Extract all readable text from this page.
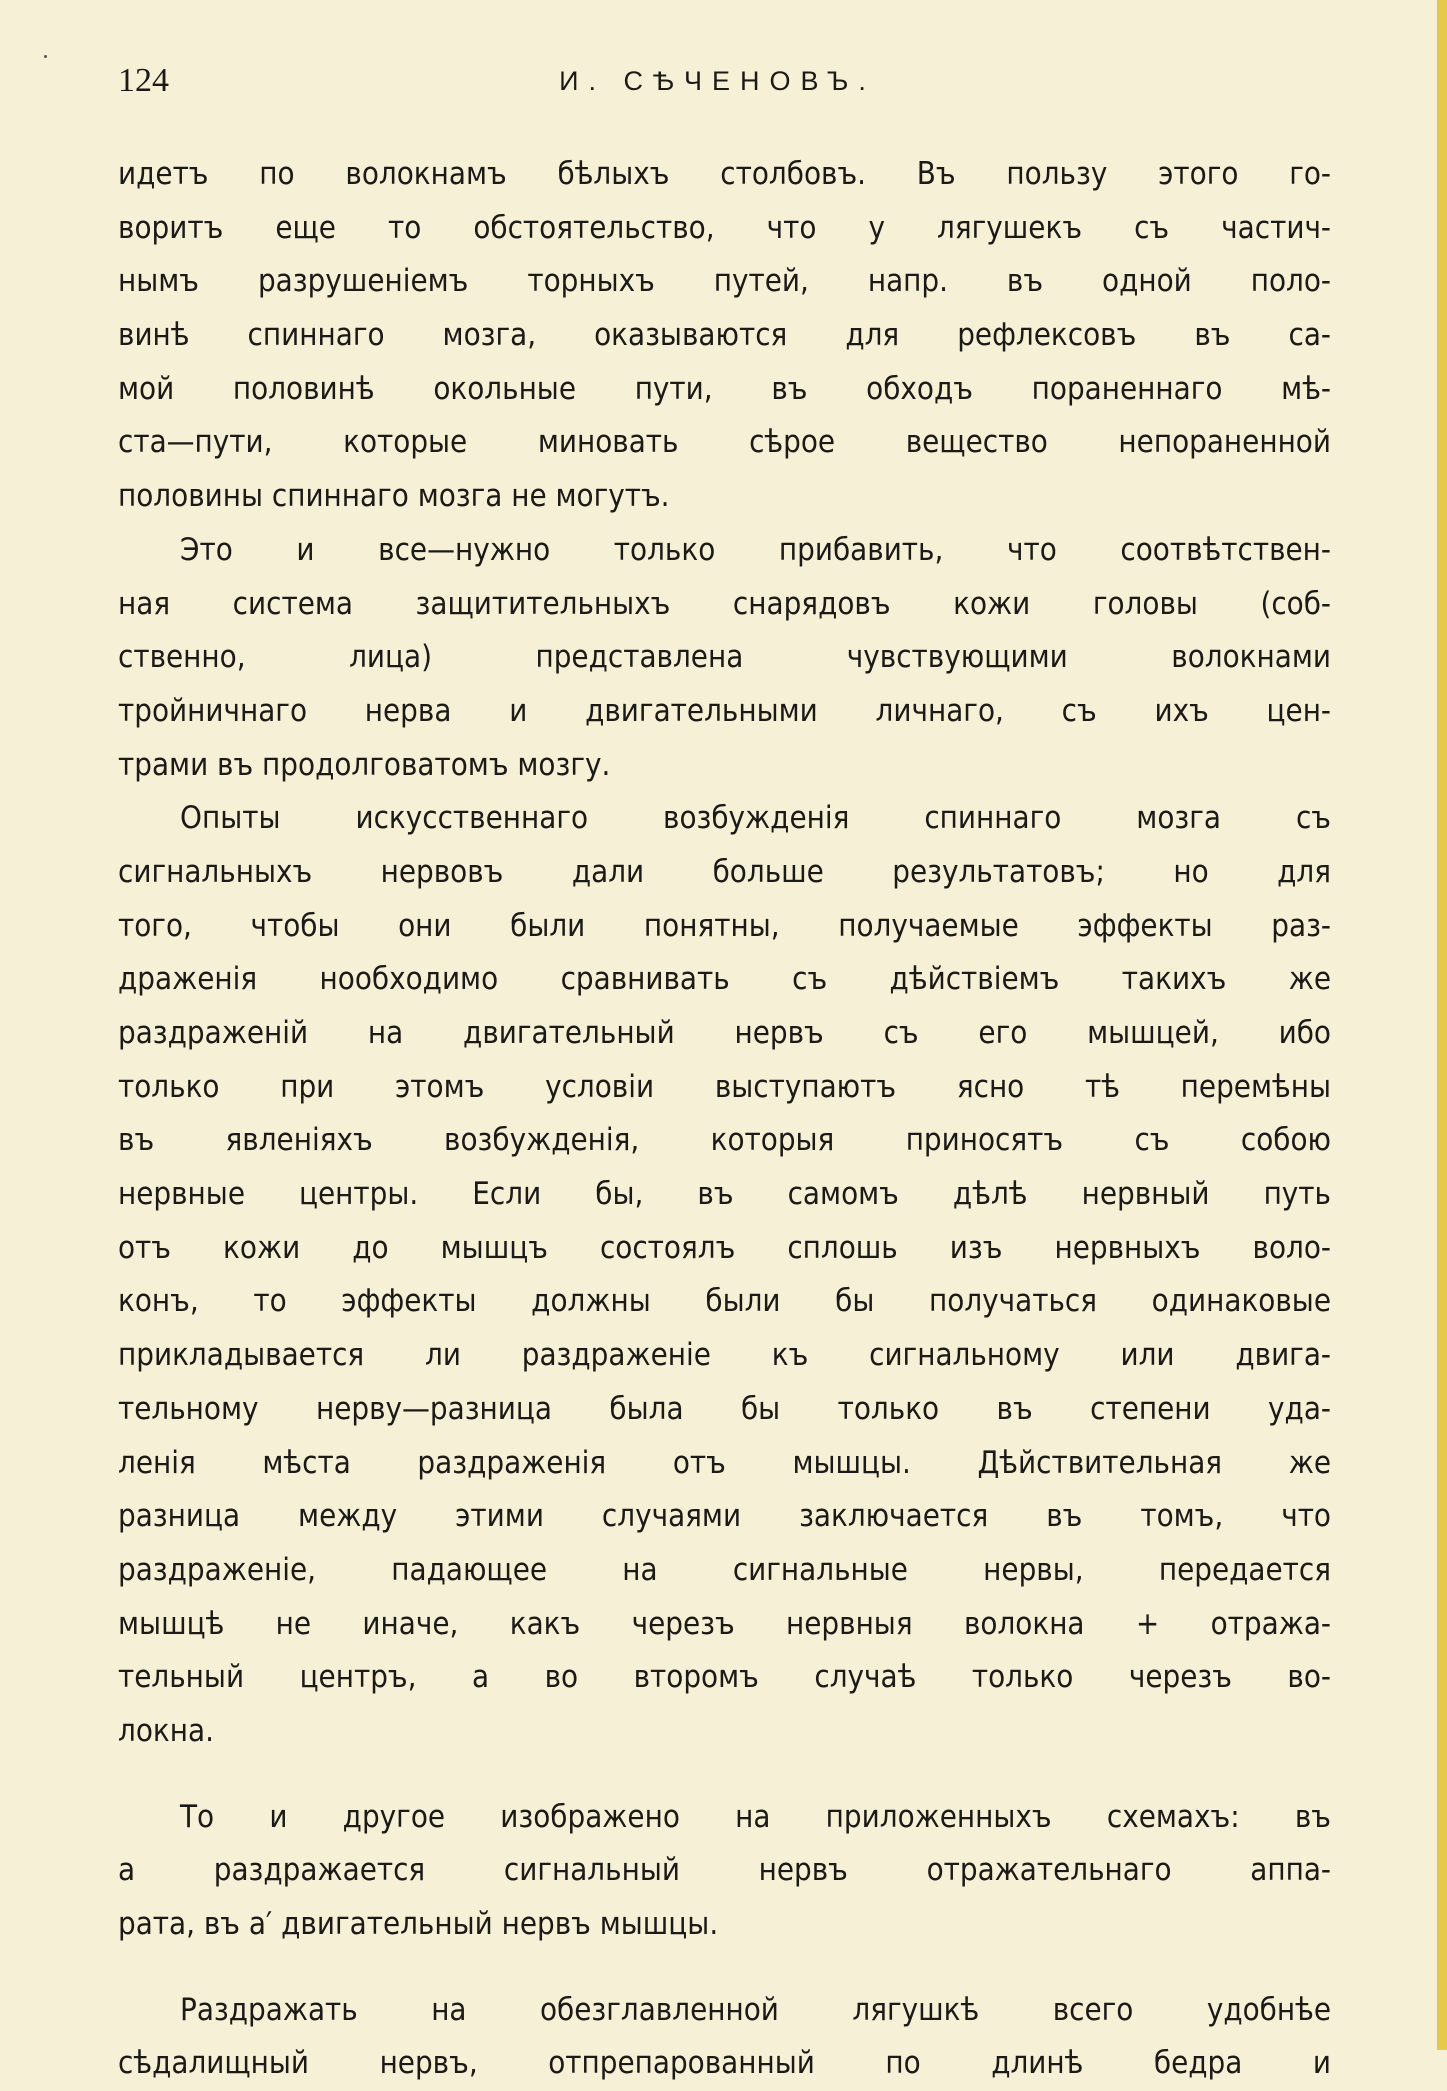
124	И. СѢЧЕНОВЪ.
идетъ по волокнамъ бѣлыхъ столбовъ. Въ пользу этого го-
воритъ еще то обстоятельство, что у лягушекъ съ частич-
нымъ разрушенiемъ торныхъ путей, напр. въ одной поло-
винѣ спиннаго мозга, оказываются для рефлексовъ въ са-
мой половинѣ окольные пути, въ обходъ пораненнаго мѣ-
ста—пути, которые миновать сѣрое вещество непораненной
половины спиннаго мозга не могутъ.
Это и все—нужно только прибавить, что соотвѣтствен-
ная система защитительныхъ снарядовъ кожи головы (соб-
ственно, лица) представлена чувствующими волокнами
тройничнаго нерва и двигательными личнаго, съ ихъ цен-
трами въ продолговатомъ мозгу.
Опыты искусственнаго возбужденiя спиннаго мозга съ
сигнальныхъ нервовъ дали больше результатовъ; но для
того, чтобы они были понятны, получаемые эффекты раз-
драженiя нообходимо сравнивать съ дѣйствiемъ такихъ же
раздраженiй на двигательный нервъ съ его мышцей, ибо
только при этомъ условiи выступаютъ ясно тѣ перемѣны
въ явленiяхъ возбужденiя, которыя приносятъ съ собою
нервные центры. Если бы, въ самомъ дѣлѣ нервный путь
отъ кожи до мышцъ состоялъ сплошь изъ нервныхъ воло-
конъ, то эффекты должны были бы получаться одинаковые
прикладывается ли раздраженiе къ сигнальному или двига-
тельному нерву—разница была бы только въ степени уда-
ленiя мѣста раздраженiя отъ мышцы. Дѣйствительная же
разница между этими случаями заключается въ томъ, что
раздраженiе, падающее на сигнальные нервы, передается
мышцѣ не иначе, какъ черезъ нервныя волокна + отража-
тельный центръ, а во второмъ случаѣ только черезъ во-
локна.
То и другое изображено на приложенныхъ схемахъ: въ
a раздражается сигнальный нервъ отражательнаго аппа-
рата, въ a′ двигательный нервъ мышцы.
Раздражать на обезглавленной лягушкѣ всего удобнѣе
сѣдалищный нервъ, отпрепарованный по длинѣ бедра и
